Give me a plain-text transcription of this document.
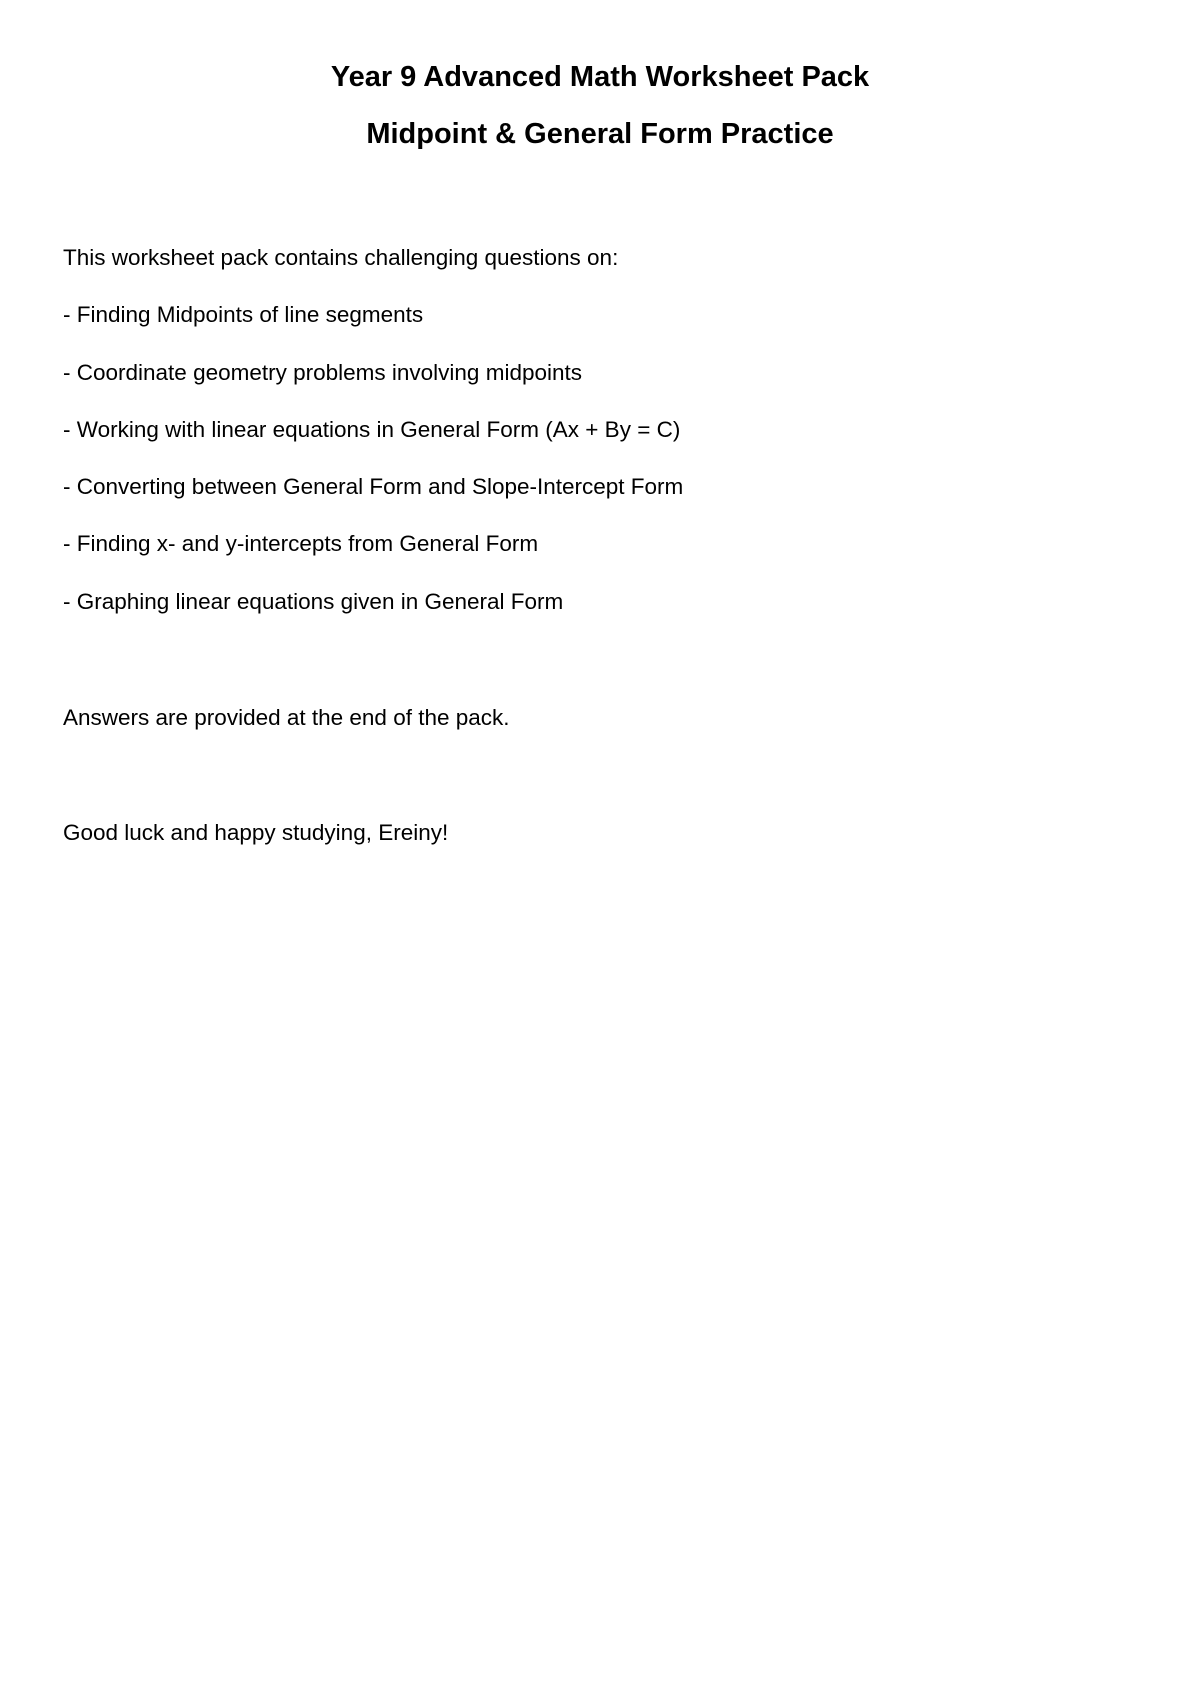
Year 9 Advanced Math Worksheet Pack
Midpoint & General Form Practice

This worksheet pack contains challenging questions on:

- Finding Midpoints of line segments
- Coordinate geometry problems involving midpoints
- Working with linear equations in General Form (Ax + By = C)
- Converting between General Form and Slope-Intercept Form
- Finding x- and y-intercepts from General Form
- Graphing linear equations given in General Form

Answers are provided at the end of the pack.

Good luck and happy studying, Ereiny!
